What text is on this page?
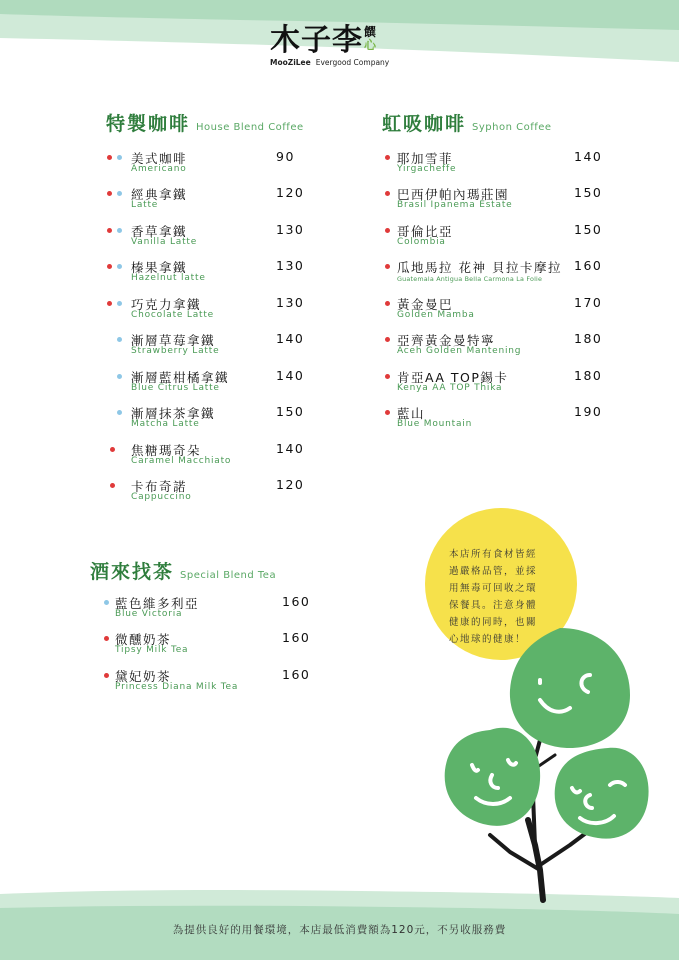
木子李饌
心
MooZiLee Evergood Company
特製咖啡 House Blend Coffee
美式咖啡
Americano
90
經典拿鐵
Latte
120
香草拿鐵
Vanilla Latte
130
榛果拿鐵
Hazelnut latte
130
巧克力拿鐵
Chocolate Latte
130
漸層草莓拿鐵
Strawberry Latte
140
漸層藍柑橘拿鐵
Blue Citrus Latte
140
漸層抹茶拿鐵
Matcha Latte
150
焦糖瑪奇朵
Caramel Macchiato
140
卡布奇諾
Cappuccino
120
虹吸咖啡 Syphon Coffee
耶加雪菲
Yirgacheffe
140
巴西伊帕內瑪莊園
Brasil Ipanema Estate
150
哥倫比亞
Colombia
150
瓜地馬拉 花神 貝拉卡摩拉
Guatemala Antigua Bella Carmona La Folie
160
黃金曼巴
Golden Mamba
170
亞齊黃金曼特寧
Aceh Golden Mantening
180
肯亞AA TOP錫卡
Kenya AA TOP Thika
180
藍山
Blue Mountain
190
酒來找茶 Special Blend Tea
藍色維多利亞
Blue Victoria
160
微醺奶茶
Tipsy Milk Tea
160
黛妃奶茶
Princess Diana Milk Tea
160
本店所有食材皆經
過嚴格品管，並採
用無毒可回收之環
保餐具。注意身體
健康的同時，也關
心地球的健康！
為提供良好的用餐環境，本店最低消費額為120元，不另收服務費
